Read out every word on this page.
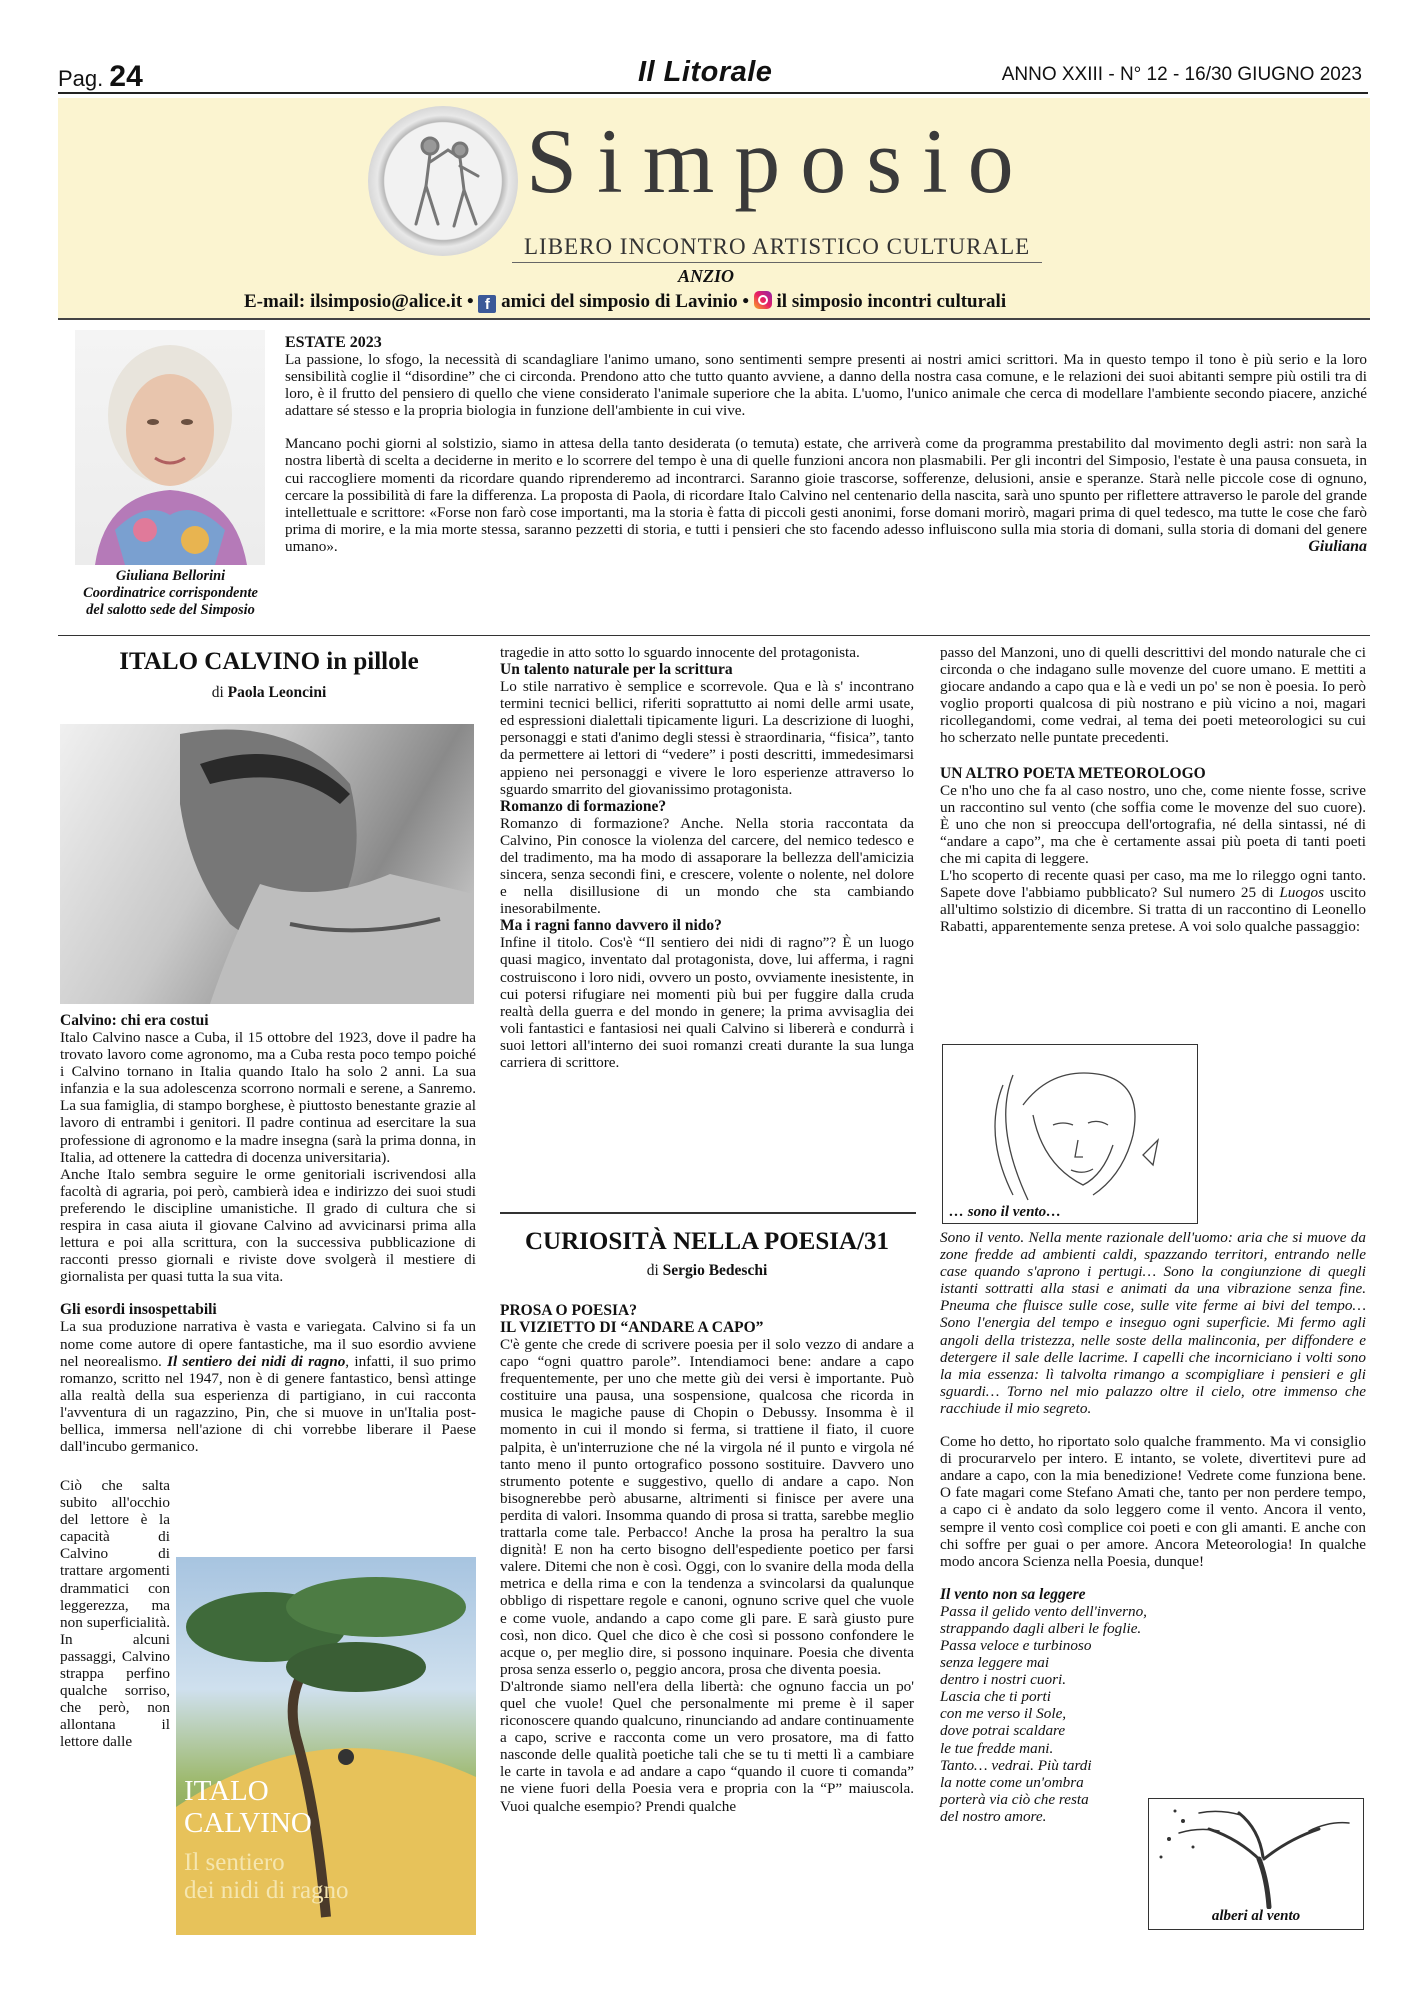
Pag. 24	Il Litorale	ANNO XXIII - N° 12 - 16/30 GIUGNO 2023
Simposio
LIBERO INCONTRO ARTISTICO CULTURALE
ANZIO
E-mail: ilsimposio@alice.it • f amici del simposio di Lavinio • il simposio incontri culturali
Giuliana Bellorini
Coordinatrice corrispondente
del salotto sede del Simposio
ESTATE 2023

La passione, lo sfogo, la necessità di scandagliare l'animo umano, sono sentimenti sempre presenti ai nostri amici scrittori. Ma in questo tempo il tono è più serio e la loro sensibilità coglie il “disordine” che ci circonda. Prendono atto che tutto quanto avviene, a danno della nostra casa comune, e le relazioni dei suoi abitanti sempre più ostili tra di loro, è il frutto del pensiero di quello che viene considerato l'animale superiore che la abita. L'uomo, l'unico animale che cerca di modellare l'ambiente secondo piacere, anziché adattare sé stesso e la propria biologia in funzione dell'ambiente in cui vive.

Mancano pochi giorni al solstizio, siamo in attesa della tanto desiderata (o temuta) estate, che arriverà come da programma prestabilito dal movimento degli astri: non sarà la nostra libertà di scelta a deciderne in merito e lo scorrere del tempo è una di quelle funzioni ancora non plasmabili. Per gli incontri del Simposio, l'estate è una pausa consueta, in cui raccogliere momenti da ricordare quando riprenderemo ad incontrarci. Saranno gioie trascorse, sofferenze, delusioni, ansie e speranze. Starà nelle piccole cose di ognuno, cercare la possibilità di fare la differenza. La proposta di Paola, di ricordare Italo Calvino nel centenario della nascita, sarà uno spunto per riflettere attraverso le parole del grande intellettuale e scrittore: «Forse non farò cose importanti, ma la storia è fatta di piccoli gesti anonimi, forse domani morirò, magari prima di quel tedesco, ma tutte le cose che farò prima di morire, e la mia morte stessa, saranno pezzetti di storia, e tutti i pensieri che sto facendo adesso influiscono sulla mia storia di domani, sulla storia di domani del genere umano».	Giuliana
ITALO CALVINO in pillole
di Paola Leoncini
Calvino: chi era costui

Italo Calvino nasce a Cuba, il 15 ottobre del 1923, dove il padre ha trovato lavoro come agronomo, ma a Cuba resta poco tempo poiché i Calvino tornano in Italia quando Italo ha solo 2 anni. La sua infanzia e la sua adolescenza scorrono normali e serene, a Sanremo. La sua famiglia, di stampo borghese, è piuttosto benestante grazie al lavoro di entrambi i genitori. Il padre continua ad esercitare la sua professione di agronomo e la madre insegna (sarà la prima donna, in Italia, ad ottenere la cattedra di docenza universitaria).

Anche Italo sembra seguire le orme genitoriali iscrivendosi alla facoltà di agraria, poi però, cambierà idea e indirizzo dei suoi studi preferendo le discipline umanistiche. Il grado di cultura che si respira in casa aiuta il giovane Calvino ad avvicinarsi prima alla lettura e poi alla scrittura, con la successiva pubblicazione di racconti presso giornali e riviste dove svolgerà il mestiere di giornalista per quasi tutta la sua vita.

Gli esordi insospettabili

La sua produzione narrativa è vasta e variegata. Calvino si fa un nome come autore di opere fantastiche, ma il suo esordio avviene nel neorealismo. Il sentiero dei nidi di ragno, infatti, il suo primo romanzo, scritto nel 1947, non è di genere fantastico, bensì attinge alla realtà della sua esperienza di partigiano, in cui racconta l'avventura di un ragazzino, Pin, che si muove in un'Italia post-bellica, immersa nell'azione di chi vorrebbe liberare il Paese dall'incubo germanico.

Ciò che salta subito all'occhio del lettore è la capacità di Calvino di trattare argomenti drammatici con leggerezza, ma non superficialità. In alcuni passaggi, Calvino strappa perfino qualche sorriso, che però, non allontana il lettore dalle

ITALO
CALVINO
Il sentiero
dei nidi di ragno

tragedie in atto sotto lo sguardo innocente del protagonista.

Un talento naturale per la scrittura

Lo stile narrativo è semplice e scorrevole. Qua e là s' incontrano termini tecnici bellici, riferiti soprattutto ai nomi delle armi usate, ed espressioni dialettali tipicamente liguri. La descrizione di luoghi, personaggi e stati d'animo degli stessi è straordinaria, “fisica”, tanto da permettere ai lettori di “vedere” i posti descritti, immedesimarsi appieno nei personaggi e vivere le loro esperienze attraverso lo sguardo smarrito del giovanissimo protagonista.

Romanzo di formazione?

Romanzo di formazione? Anche. Nella storia raccontata da Calvino, Pin conosce la violenza del carcere, del nemico tedesco e del tradimento, ma ha modo di assaporare la bellezza dell'amicizia sincera, senza secondi fini, e crescere, volente o nolente, nel dolore e nella disillusione di un mondo che sta cambiando inesorabilmente.

Ma i ragni fanno davvero il nido?

Infine il titolo. Cos'è “Il sentiero dei nidi di ragno”? È un luogo quasi magico, inventato dal protagonista, dove, lui afferma, i ragni costruiscono i loro nidi, ovvero un posto, ovviamente inesistente, in cui potersi rifugiare nei momenti più bui per fuggire dalla cruda realtà della guerra e del mondo in genere; la prima avvisaglia dei voli fantastici e fantasiosi nei quali Calvino si libererà e condurrà i suoi lettori all'interno dei suoi romanzi creati durante la sua lunga carriera di scrittore.

CURIOSITÀ NELLA POESIA/31
di Sergio Bedeschi
PROSA O POESIA?
IL VIZIETTO DI “ANDARE A CAPO”

C'è gente che crede di scrivere poesia per il solo vezzo di andare a capo “ogni quattro parole”. Intendiamoci bene: andare a capo frequentemente, per uno che mette giù dei versi è importante. Può costituire una pausa, una sospensione, qualcosa che ricorda in musica le magiche pause di Chopin o Debussy. Insomma è il momento in cui il mondo si ferma, si trattiene il fiato, il cuore palpita, è un'interruzione che né la virgola né il punto e virgola né tanto meno il punto ortografico possono sostituire. Davvero uno strumento potente e suggestivo, quello di andare a capo. Non bisognerebbe però abusarne, altrimenti si finisce per avere una perdita di valori. Insomma quando di prosa si tratta, sarebbe meglio trattarla come tale. Perbacco! Anche la prosa ha peraltro la sua dignità! E non ha certo bisogno dell'espediente poetico per farsi valere. Ditemi che non è così. Oggi, con lo svanire della moda della metrica e della rima e con la tendenza a svincolarsi da qualunque obbligo di rispettare regole e canoni, ognuno scrive quel che vuole e come vuole, andando a capo come gli pare. E sarà giusto pure così, non dico. Quel che dico è che così si possono confondere le acque o, per meglio dire, si possono inquinare. Poesia che diventa prosa senza esserlo o, peggio ancora, prosa che diventa poesia.

D'altronde siamo nell'era della libertà: che ognuno faccia un po' quel che vuole! Quel che personalmente mi preme è il saper riconoscere quando qualcuno, rinunciando ad andare continuamente a capo, scrive e racconta come un vero prosatore, ma di fatto nasconde delle qualità poetiche tali che se tu ti metti lì a cambiare le carte in tavola e ad andare a capo “quando il cuore ti comanda” ne viene fuori della Poesia vera e propria con la “P” maiuscola. Vuoi qualche esempio? Prendi qualche

passo del Manzoni, uno di quelli descrittivi del mondo naturale che ci circonda o che indagano sulle movenze del cuore umano. E mettiti a giocare andando a capo qua e là e vedi un po' se non è poesia. Io però voglio proporti qualcosa di più nostrano e più vicino a noi, magari ricollegandomi, come vedrai, al tema dei poeti meteorologici su cui ho scherzato nelle puntate precedenti.

UN ALTRO POETA METEOROLOGO

Ce n'ho uno che fa al caso nostro, uno che, come niente fosse, scrive un raccontino sul vento (che soffia come le movenze del suo cuore). È uno che non si preoccupa dell'ortografia, né della sintassi, né di “andare a capo”, ma che è certamente assai più poeta di tanti poeti che mi capita di leggere.

L'ho scoperto di recente quasi per caso, ma me lo rileggo ogni tanto. Sapete dove l'abbiamo pubblicato? Sul numero 25 di Luogos uscito all'ultimo solstizio di dicembre. Si tratta di un raccontino di Leonello Rabatti, apparentemente senza pretese. A voi solo qualche passaggio:

… sono il vento…

Sono il vento. Nella mente razionale dell'uomo: aria che si muove da zone fredde ad ambienti caldi, spazzando territori, entrando nelle case quando s'aprono i pertugi… Sono la congiunzione di quegli istanti sottratti alla stasi e animati da una vibrazione senza fine. Pneuma che fluisce sulle cose, sulle vite ferme ai bivi del tempo… Sono l'energia del tempo e inseguo ogni superficie. Mi fermo agli angoli della tristezza, nelle soste della malinconia, per diffondere e detergere il sale delle lacrime. I capelli che incorniciano i volti sono la mia essenza: lì talvolta rimango a scompigliare i pensieri e gli sguardi… Torno nel mio palazzo oltre il cielo, otre immenso che racchiude il mio segreto.

Come ho detto, ho riportato solo qualche frammento. Ma vi consiglio di procurarvelo per intero. E intanto, se volete, divertitevi pure ad andare a capo, con la mia benedizione! Vedrete come funziona bene. O fate magari come Stefano Amati che, tanto per non perdere tempo, a capo ci è andato da solo leggero come il vento. Ancora il vento, sempre il vento così complice coi poeti e con gli amanti. E anche con chi soffre per guai o per amore. Ancora Meteorologia! In qualche modo ancora Scienza nella Poesia, dunque!

Il vento non sa leggere
Passa il gelido vento dell'inverno,
strappando dagli alberi le foglie.
Passa veloce e turbinoso
senza leggere mai
dentro i nostri cuori.
Lascia che ti porti
con me verso il Sole,
dove potrai scaldare
le tue fredde mani.
Tanto… vedrai. Più tardi
la notte come un'ombra
porterà via ciò che resta
del nostro amore.
alberi al vento
